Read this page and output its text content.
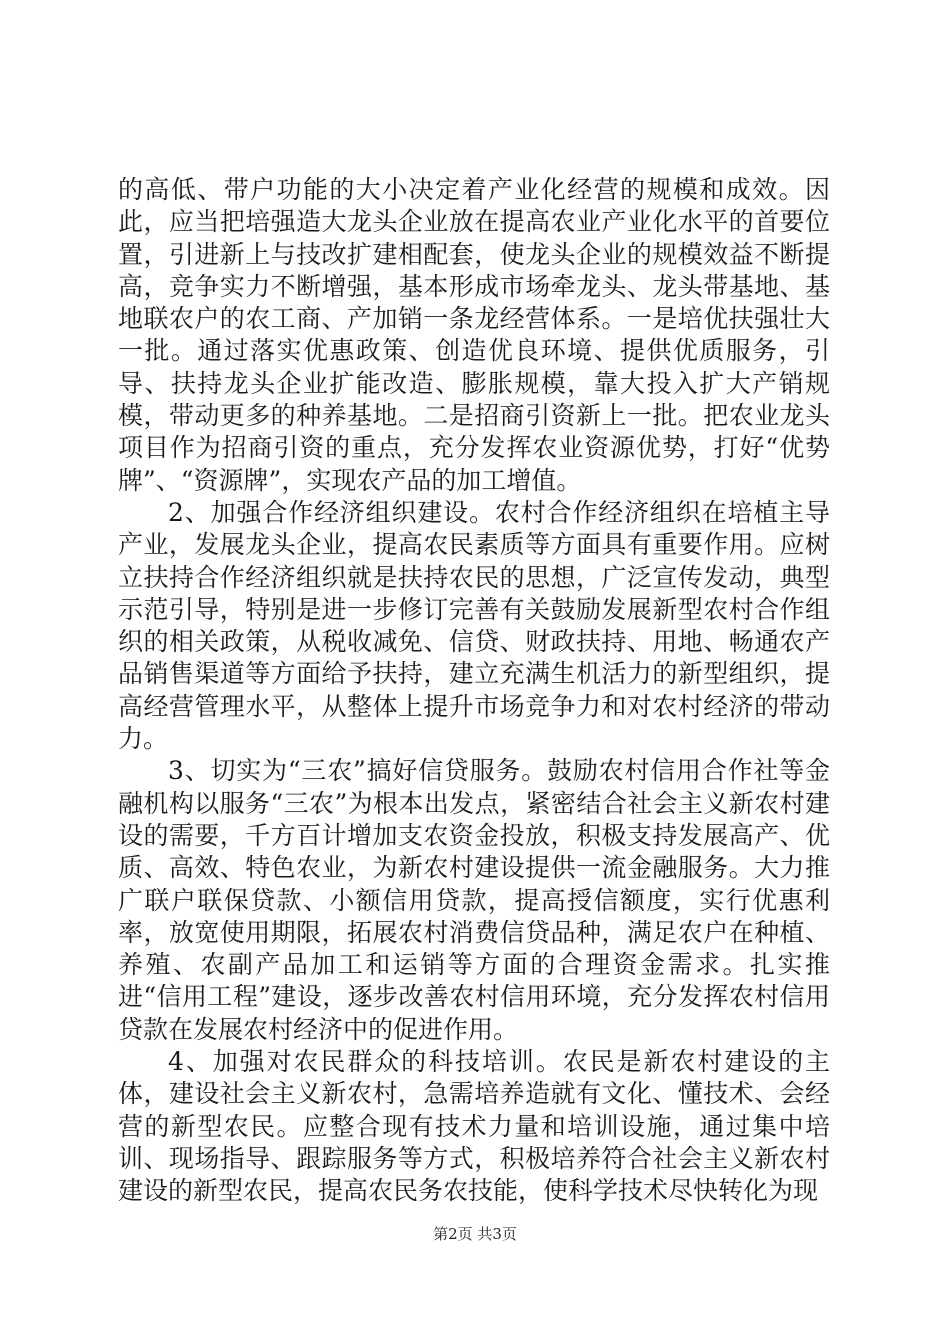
的高低、带户功能的大小决定着产业化经营的规模和成效。因此，应当把培强造大龙头企业放在提高农业产业化水平的首要位置，引进新上与技改扩建相配套，使龙头企业的规模效益不断提高，竞争实力不断增强，基本形成市场牵龙头、龙头带基地、基地联农户的农工商、产加销一条龙经营体系。一是培优扶强壮大一批。通过落实优惠政策、创造优良环境、提供优质服务，引导、扶持龙头企业扩能改造、膨胀规模，靠大投入扩大产销规模，带动更多的种养基地。二是招商引资新上一批。把农业龙头项目作为招商引资的重点，充分发挥农业资源优势，打好“优势牌”、“资源牌”，实现农产品的加工增值。

2、加强合作经济组织建设。农村合作经济组织在培植主导产业，发展龙头企业，提高农民素质等方面具有重要作用。应树立扶持合作经济组织就是扶持农民的思想，广泛宣传发动，典型示范引导，特别是进一步修订完善有关鼓励发展新型农村合作组织的相关政策，从税收减免、信贷、财政扶持、用地、畅通农产品销售渠道等方面给予扶持，建立充满生机活力的新型组织，提高经营管理水平，从整体上提升市场竞争力和对农村经济的带动力。

3、切实为“三农”搞好信贷服务。鼓励农村信用合作社等金融机构以服务“三农”为根本出发点，紧密结合社会主义新农村建设的需要，千方百计增加支农资金投放，积极支持发展高产、优质、高效、特色农业，为新农村建设提供一流金融服务。大力推广联户联保贷款、小额信用贷款，提高授信额度，实行优惠利率，放宽使用期限，拓展农村消费信贷品种，满足农户在种植、养殖、农副产品加工和运销等方面的合理资金需求。扎实推进“信用工程”建设，逐步改善农村信用环境，充分发挥农村信用贷款在发展农村经济中的促进作用。

4、加强对农民群众的科技培训。农民是新农村建设的主体，建设社会主义新农村，急需培养造就有文化、懂技术、会经营的新型农民。应整合现有技术力量和培训设施，通过集中培训、现场指导、跟踪服务等方式，积极培养符合社会主义新农村建设的新型农民，提高农民务农技能，使科学技术尽快转化为现

第2页 共3页
